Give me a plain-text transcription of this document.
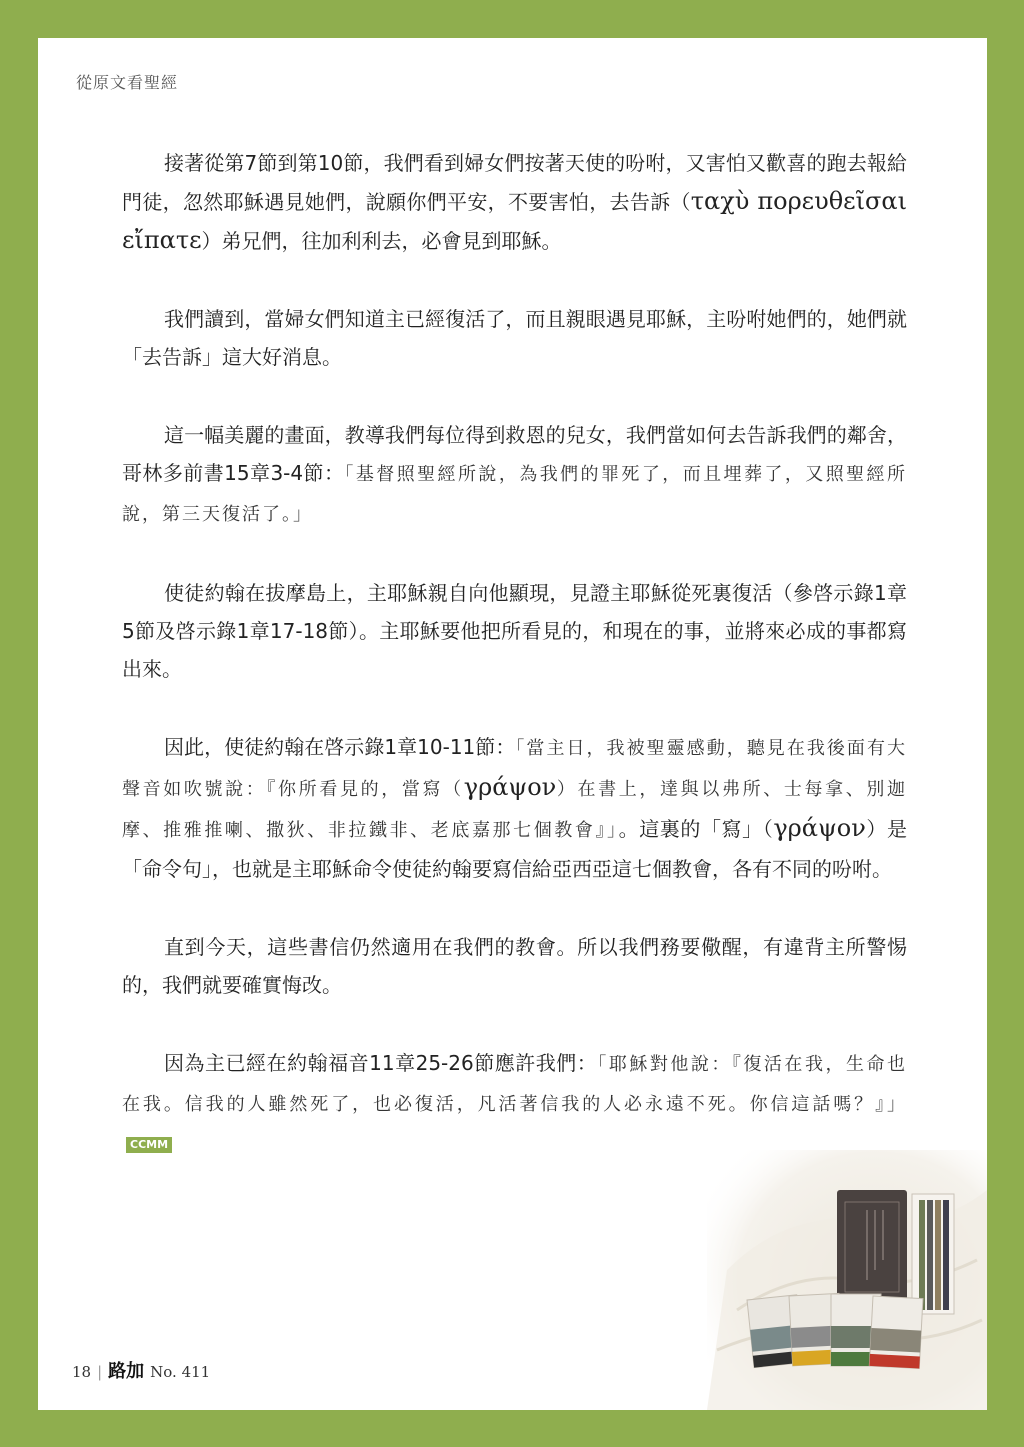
從原文看聖經

接著從第7節到第10節，我們看到婦女們按著天使的吩咐，又害怕又歡喜的跑去報給門徒，忽然耶穌遇見她們，說願你們平安，不要害怕，去告訴（ταχὺ πορευθεῖσαι εἴπατε）弟兄們，往加利利去，必會見到耶穌。

我們讀到，當婦女們知道主已經復活了，而且親眼遇見耶穌，主吩咐她們的，她們就「去告訴」這大好消息。

這一幅美麗的畫面，教導我們每位得到救恩的兒女，我們當如何去告訴我們的鄰舍，哥林多前書15章3-4節：「基督照聖經所說，為我們的罪死了，而且埋葬了，又照聖經所說，第三天復活了。」

使徒約翰在拔摩島上，主耶穌親自向他顯現，見證主耶穌從死裏復活（參啓示錄1章5節及啓示錄1章17-18節）。主耶穌要他把所看見的，和現在的事，並將來必成的事都寫出來。

因此，使徒約翰在啓示錄1章10-11節：「當主日，我被聖靈感動，聽見在我後面有大聲音如吹號說：『你所看見的，當寫（γράψον）在書上，達與以弗所、士每拿、別迦摩、推雅推喇、撒狄、非拉鐵非、老底嘉那七個教會』」。這裏的「寫」（γράψον）是「命令句」，也就是主耶穌命令使徒約翰要寫信給亞西亞這七個教會，各有不同的吩咐。

直到今天，這些書信仍然適用在我們的教會。所以我們務要儆醒，有違背主所警惕的，我們就要確實悔改。

因為主已經在約翰福音11章25-26節應許我們：「耶穌對他說：『復活在我，生命也在我。信我的人雖然死了，也必復活，凡活著信我的人必永遠不死。你信這話嗎？』」CCMM

18 | 路加 No. 411
